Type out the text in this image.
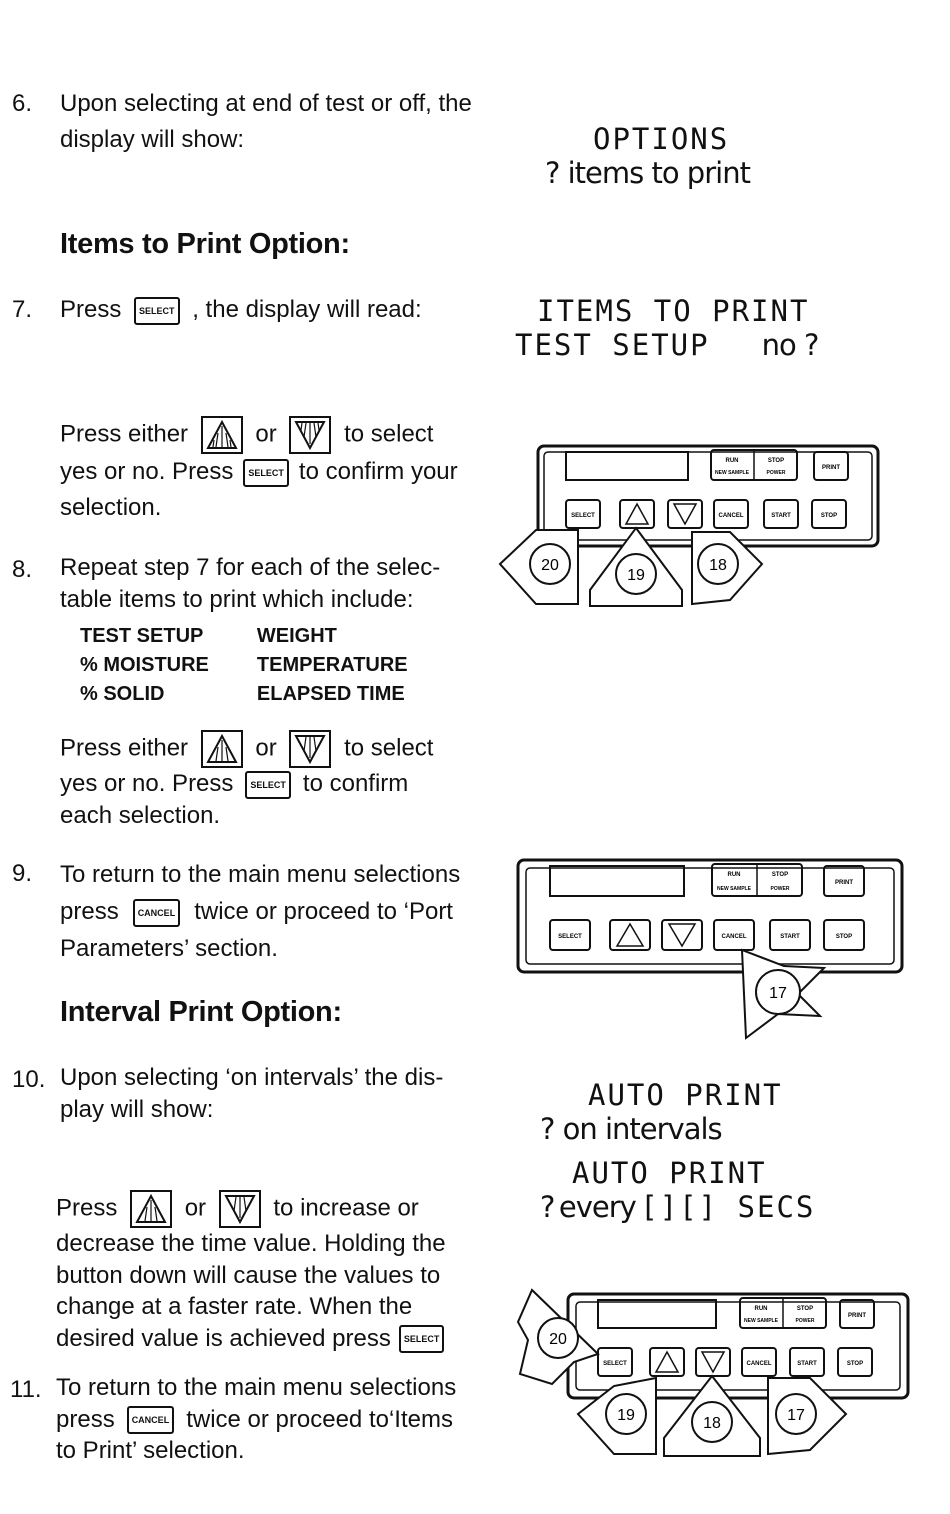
6. Upon selecting at end of test or off, the
display will show:	OPTIONS
? items to print
Items to Print Option:
7. Press SELECT , the display will read:	ITEMS TO PRINT
TEST SETUP no ?
Press either	or	to select
yes or no. Press SELECT to confirm your
selection.
8. Repeat step 7 for each of the selec-
table items to print which include:
TEST SETUP	WEIGHT
% MOISTURE	TEMPERATURE
% SOLID	ELAPSED TIME
Press either	or	to select
yes or no. Press SELECT to confirm
each selection.
9. To return to the main menu selections
press CANCEL twice or proceed to ‘Port
Parameters’ section.
Interval Print Option:
10. Upon selecting ‘on intervals’ the dis-
play will show:	AUTO PRINT
? on intervals
AUTO PRINT
? every [][] SECS
Press	or	to increase or
decrease the time value. Holding the
button down will cause the values to
change at a faster rate. When the
desired value is achieved press SELECT
11. To return to the main menu selections
press CANCEL twice or proceed to‘Items
to Print’ selection.
RUN
NEW SAMPLE
STOP
POWER
PRINT
SELECT	CANCEL	START	STOP
20
19
18
RUN
NEW SAMPLE
STOP
POWER
PRINT
SELECT	CANCEL	START	STOP
17
RUN
NEW SAMPLE
STOP
POWER
PRINT
SELECT	CANCEL	START	STOP
20
19	18	17
